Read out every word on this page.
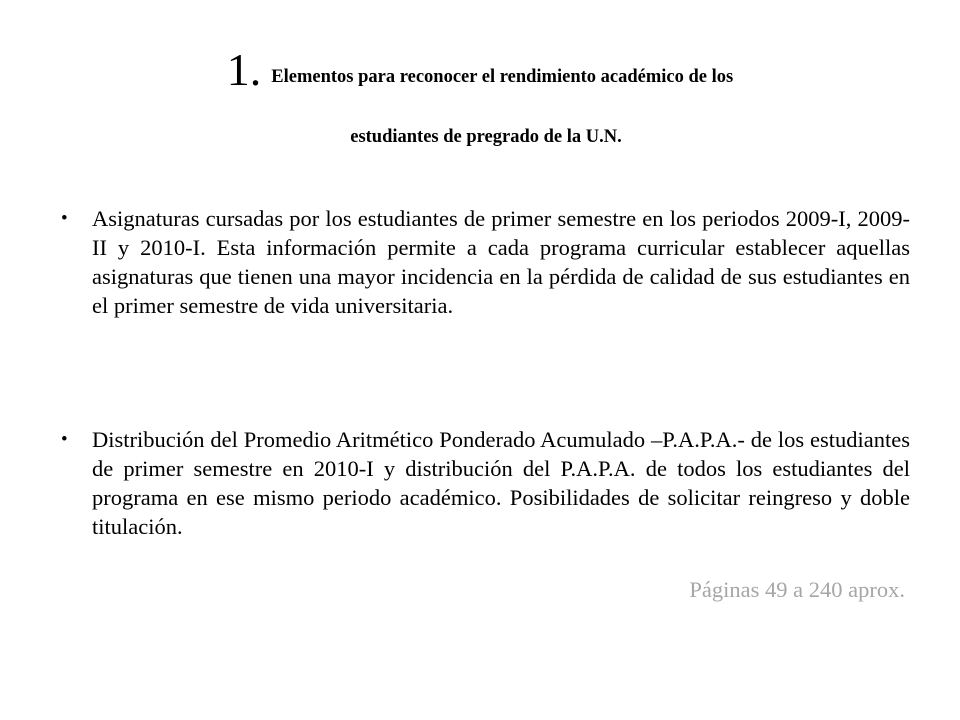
1. Elementos para reconocer el rendimiento académico de los
estudiantes de pregrado de la U.N.
• Asignaturas cursadas por los estudiantes de primer semestre en los periodos 2009-I, 2009-II y 2010-I. Esta información permite a cada programa curricular establecer aquellas asignaturas que tienen una mayor incidencia en la pérdida de calidad de sus estudiantes en el primer semestre de vida universitaria.
• Distribución del Promedio Aritmético Ponderado Acumulado –P.A.P.A.- de los estudiantes de primer semestre en 2010-I y distribución del P.A.P.A. de todos los estudiantes del programa en ese mismo periodo académico. Posibilidades de solicitar reingreso y doble titulación.
Páginas 49 a 240 aprox.
